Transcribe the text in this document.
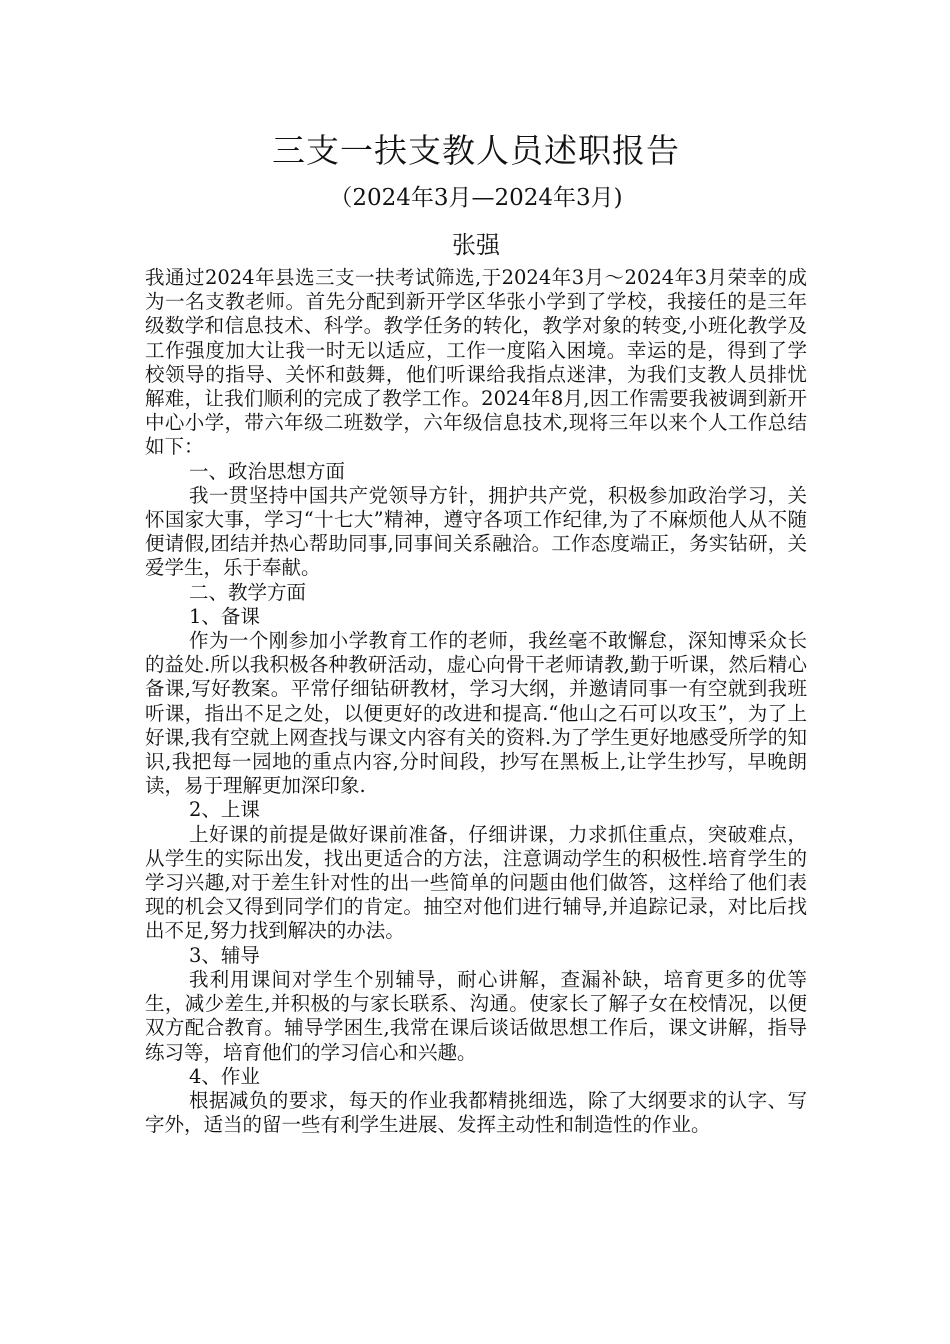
三支一扶支教人员述职报告
（2024年3月—2024年3月)
张强

我通过2024年县选三支一扶考试筛选,于2024年3月～2024年3月荣幸的成为一名支教老师。首先分配到新开学区华张小学到了学校，我接任的是三年级数学和信息技术、科学。教学任务的转化，教学对象的转变,小班化教学及工作强度加大让我一时无以适应，工作一度陷入困境。幸运的是，得到了学校领导的指导、关怀和鼓舞，他们听课给我指点迷津，为我们支教人员排忧解难，让我们顺利的完成了教学工作。2024年8月,因工作需要我被调到新开中心小学，带六年级二班数学，六年级信息技术,现将三年以来个人工作总结如下：

一、政治思想方面

我一贯坚持中国共产党领导方针，拥护共产党，积极参加政治学习，关怀国家大事，学习“十七大”精神，遵守各项工作纪律,为了不麻烦他人从不随便请假,团结并热心帮助同事,同事间关系融洽。工作态度端正，务实钻研，关爱学生，乐于奉献。

二、教学方面

1、备课

作为一个刚参加小学教育工作的老师，我丝毫不敢懈怠，深知博采众长的益处.所以我积极各种教研活动，虚心向骨干老师请教,勤于听课，然后精心备课,写好教案。平常仔细钻研教材，学习大纲，并邀请同事一有空就到我班听课，指出不足之处，以便更好的改进和提高.“他山之石可以攻玉”，为了上好课,我有空就上网查找与课文内容有关的资料.为了学生更好地感受所学的知识,我把每一园地的重点内容,分时间段，抄写在黑板上,让学生抄写，早晚朗读，易于理解更加深印象.

2、上课

上好课的前提是做好课前准备，仔细讲课，力求抓住重点，突破难点，从学生的实际出发，找出更适合的方法，注意调动学生的积极性.培育学生的学习兴趣,对于差生针对性的出一些简单的问题由他们做答，这样给了他们表现的机会又得到同学们的肯定。抽空对他们进行辅导,并追踪记录，对比后找出不足,努力找到解决的办法。

3、辅导

我利用课间对学生个别辅导，耐心讲解，查漏补缺，培育更多的优等生，减少差生,并积极的与家长联系、沟通。使家长了解子女在校情况，以便双方配合教育。辅导学困生,我常在课后谈话做思想工作后，课文讲解，指导练习等，培育他们的学习信心和兴趣。

4、作业

根据减负的要求，每天的作业我都精挑细选，除了大纲要求的认字、写字外，适当的留一些有利学生进展、发挥主动性和制造性的作业。
